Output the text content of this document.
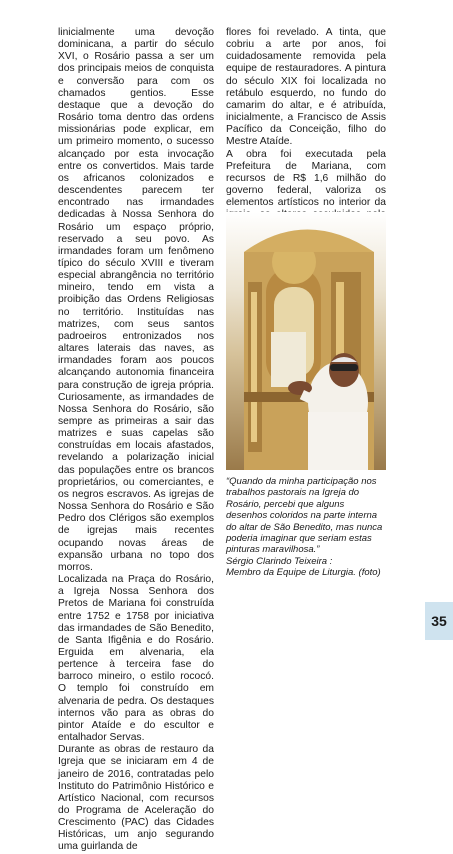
linicialmente uma devoção dominicana, a partir do século XVI, o Rosário passa a ser um dos principais meios de conquista e conversão para com os chamados gentios. Esse destaque que a devoção do Rosário toma dentro das ordens missionárias pode explicar, em um primeiro momento, o sucesso alcançado por esta invocação entre os convertidos. Mais tarde os africanos colonizados e descendentes parecem ter encontrado nas irmandades dedicadas à Nossa Senhora do Rosário um espaço próprio, reservado a seu povo. As irmandades foram um fenômeno típico do século XVIII e tiveram especial abrangência no território mineiro, tendo em vista a proibição das Ordens Religiosas no território. Instituídas nas matrizes, com seus santos padroeiros entronizados nos altares laterais das naves, as irmandades foram aos poucos alcançando autonomia financeira para construção de igreja própria. Curiosamente, as irmandades de Nossa Senhora do Rosário, são sempre as primeiras a sair das matrizes e suas capelas são construídas em locais afastados, revelando a polarização inicial das populações entre os brancos proprietários, ou comerciantes, e os negros escravos. As igrejas de Nossa Senhora do Rosário e São Pedro dos Clérigos são exemplos de igrejas mais recentes ocupando novas áreas de expansão urbana no topo dos morros.

Localizada na Praça do Rosário, a Igreja Nossa Senhora dos Pretos de Mariana foi construída entre 1752 e 1758 por iniciativa das irmandades de São Benedito, de Santa Ifigênia e do Rosário. Erguida em alvenaria, ela pertence à terceira fase do barroco mineiro, o estilo rococó. O templo foi construído em alvenaria de pedra. Os destaques internos vão para as obras do pintor Ataíde e do escultor e entalhador Servas.

Durante as obras de restauro da Igreja que se iniciaram em 4 de janeiro de 2016, contratadas pelo Instituto do Patrimônio Histórico e Artístico Nacional, com recursos do Programa de Aceleração do Crescimento (PAC) das Cidades Históricas, um anjo segurando uma guirlanda de

flores foi revelado. A tinta, que cobriu a arte por anos, foi cuidadosamente removida pela equipe de restauradores. A pintura do século XIX foi localizada no retábulo esquerdo, no fundo do camarim do altar, e é atribuída, inicialmente, a Francisco de Assis Pacífico da Conceição, filho do Mestre Ataíde.

A obra foi executada pela Prefeitura de Mariana, com recursos de R$ 1,6 milhão do governo federal, valoriza os elementos artísticos no interior da

“Quando da minha participação nos trabalhos pastorais na Igreja do Rosário, percebi que alguns desenhos coloridos na parte interna do altar de São Benedito, mas nunca poderia imaginar que seriam estas pinturas maravilhosa.”

Sérgio Clarindo Teixeira :

Membro da Equipe de Liturgia. (foto)

35
